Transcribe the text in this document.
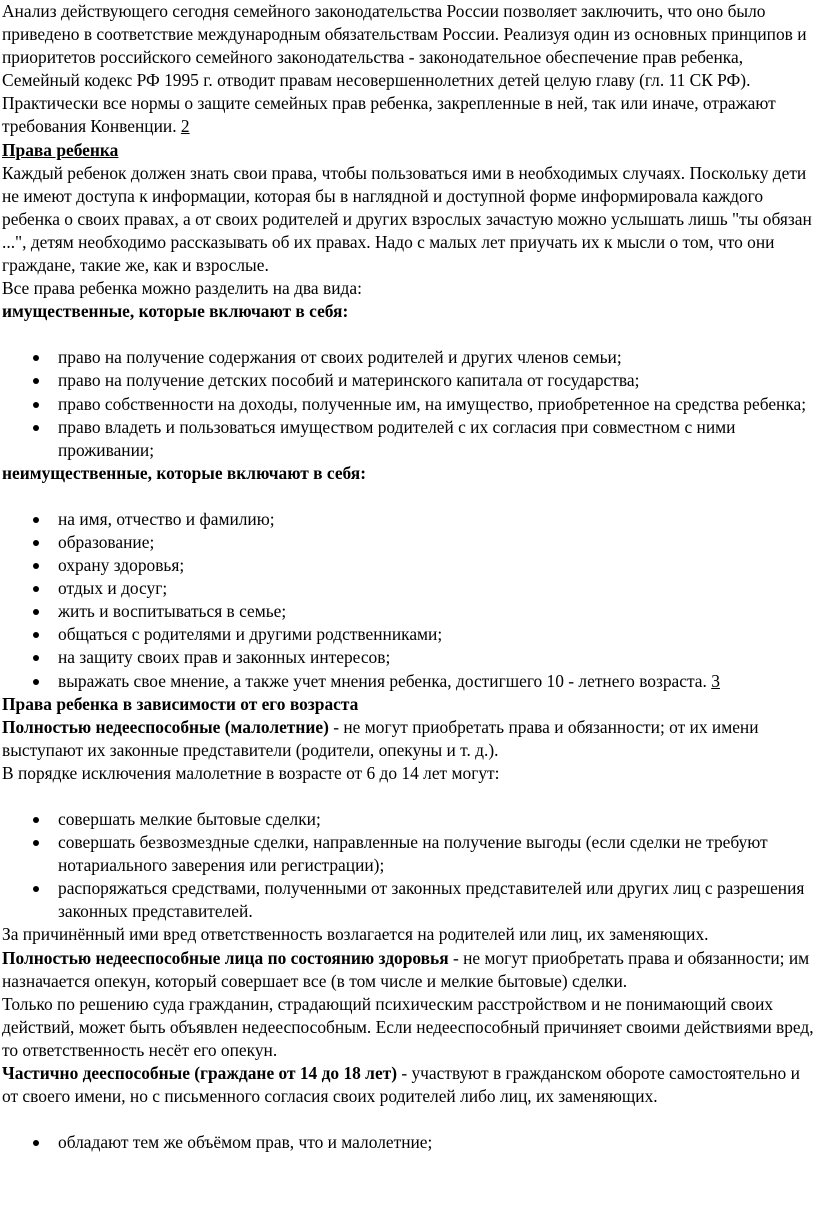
Анализ действующего сегодня семейного законодательства России позволяет заключить, что оно было приведено в соответствие международным обязательствам России. Реализуя один из основных принципов и приоритетов российского семейного законодательства - законодательное обеспечение прав ребенка, Семейный кодекс РФ 1995 г. отводит правам несовершеннолетних детей целую главу (гл. 11 СК РФ).

Практически все нормы о защите семейных прав ребенка, закрепленные в ней, так или иначе, отражают требования Конвенции. 2

Права ребенка

Каждый ребенок должен знать свои права, чтобы пользоваться ими в необходимых случаях. Поскольку дети не имеют доступа к информации, которая бы в наглядной и доступной форме информировала каждого ребенка о своих правах, а от своих родителей и других взрослых зачастую можно услышать лишь "ты обязан ...", детям необходимо рассказывать об их правах. Надо с малых лет приучать их к мысли о том, что они граждане, такие же, как и взрослые.

Все права ребенка можно разделить на два вида:

имущественные, которые включают в себя:

право на получение содержания от своих родителей и других членов семьи;
право на получение детских пособий и материнского капитала от государства;
право собственности на доходы, полученные им, на имущество, приобретенное на средства ребенка;
право владеть и пользоваться имуществом родителей с их согласия при совместном с ними проживании;

неимущественные, которые включают в себя:

на имя, отчество и фамилию;
образование;
охрану здоровья;
отдых и досуг;
жить и воспитываться в семье;
общаться с родителями и другими родственниками;
на защиту своих прав и законных интересов;
выражать свое мнение, а также учет мнения ребенка, достигшего 10 - летнего возраста. 3

Права ребенка в зависимости от его возраста

Полностью недееспособные (малолетние) - не могут приобретать права и обязанности; от их имени выступают их законные представители (родители, опекуны и т. д.).

В порядке исключения малолетние в возрасте от 6 до 14 лет могут:

совершать мелкие бытовые сделки;
совершать безвозмездные сделки, направленные на получение выгоды (если сделки не требуют нотариального заверения или регистрации);
распоряжаться средствами, полученными от законных представителей или других лиц с разрешения законных представителей.

За причинённый ими вред ответственность возлагается на родителей или лиц, их заменяющих.

Полностью недееспособные лица по состоянию здоровья - не могут приобретать права и обязанности; им назначается опекун, который совершает все (в том числе и мелкие бытовые) сделки.

Только по решению суда гражданин, страдающий психическим расстройством и не понимающий своих действий, может быть объявлен недееспособным. Если недееспособный причиняет своими действиями вред, то ответственность несёт его опекун.

Частично дееспособные (граждане от 14 до 18 лет) - участвуют в гражданском обороте самостоятельно и от своего имени, но с письменного согласия своих родителей либо лиц, их заменяющих.

обладают тем же объёмом прав, что и малолетние;
